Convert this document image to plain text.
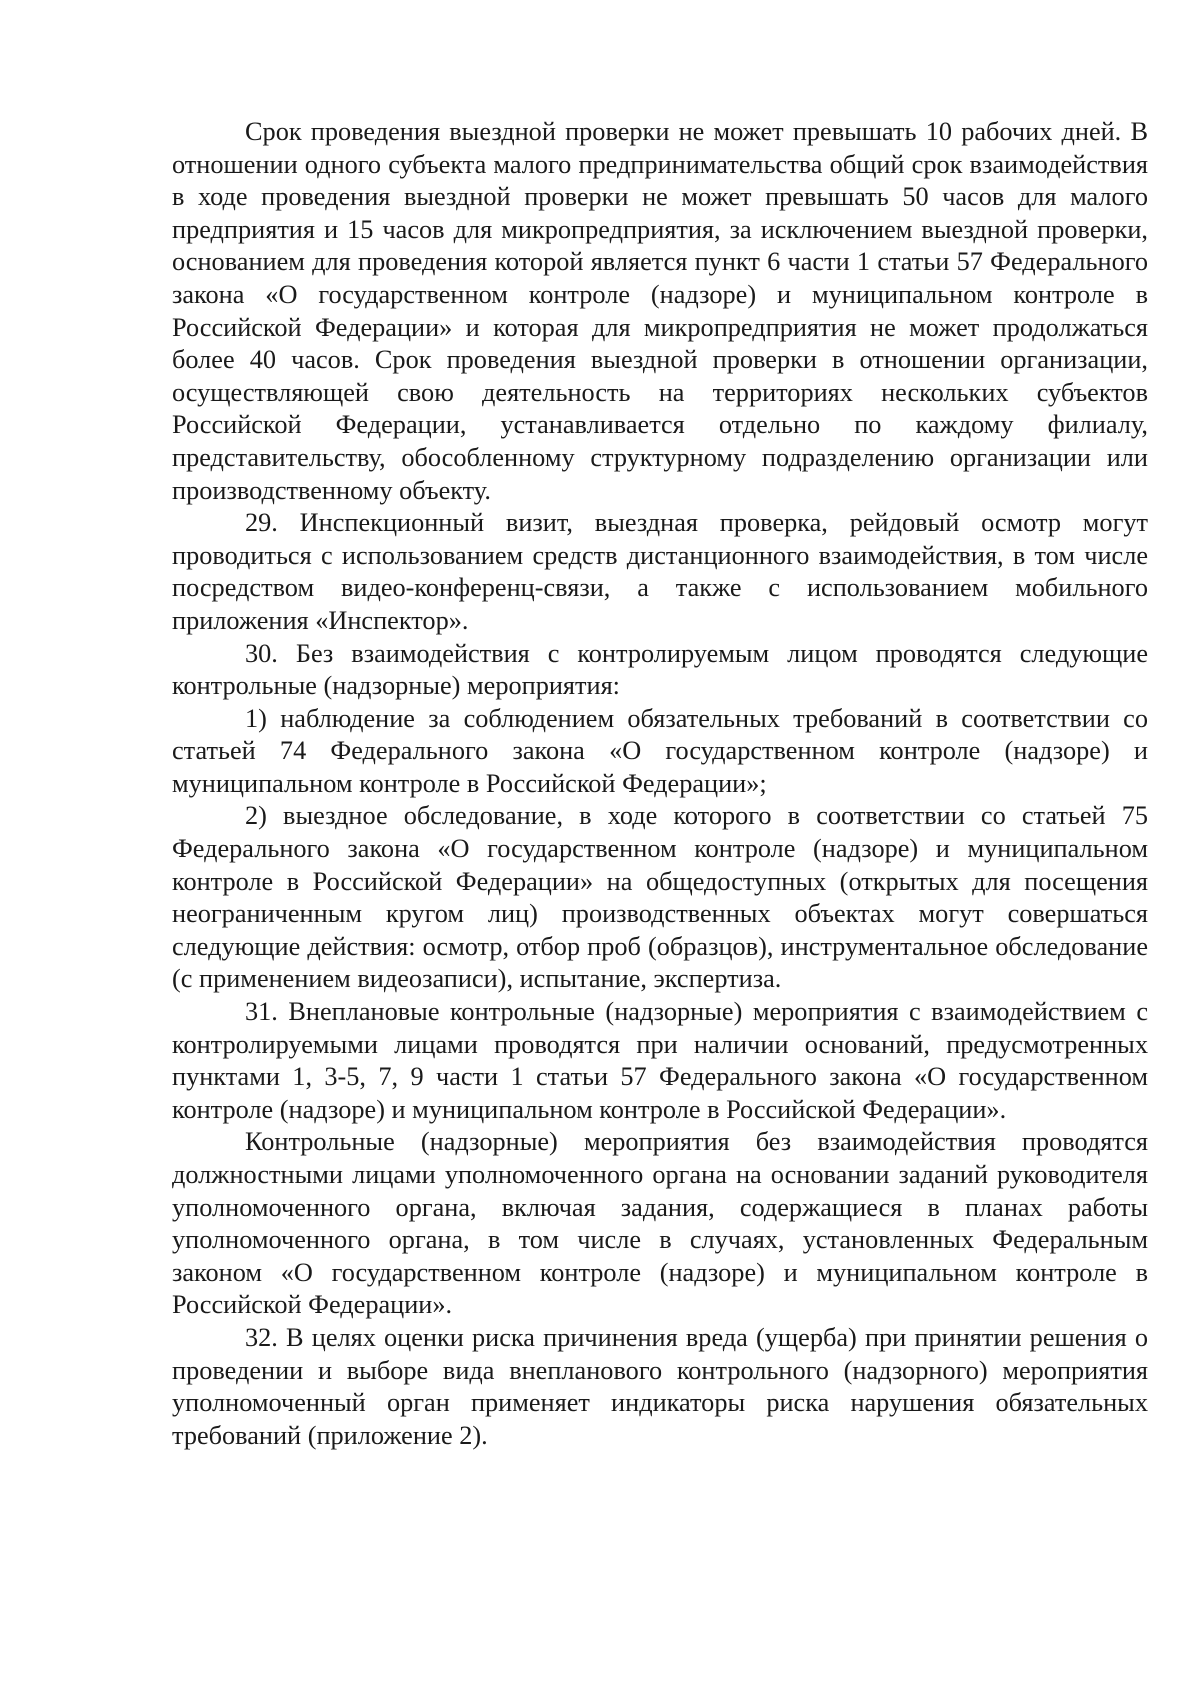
Срок проведения выездной проверки не может превышать 10 рабочих дней. В отношении одного субъекта малого предпринимательства общий срок взаимодействия в ходе проведения выездной проверки не может превышать 50 часов для малого предприятия и 15 часов для микропредприятия, за исключением выездной проверки, основанием для проведения которой является пункт 6 части 1 статьи 57 Федерального закона «О государственном контроле (надзоре) и муниципальном контроле в Российской Федерации» и которая для микропредприятия не может продолжаться более 40 часов. Срок проведения выездной проверки в отношении организации, осуществляющей свою деятельность на территориях нескольких субъектов Российской Федерации, устанавливается отдельно по каждому филиалу, представительству, обособленному структурному подразделению организации или производственному объекту.

29. Инспекционный визит, выездная проверка, рейдовый осмотр могут проводиться с использованием средств дистанционного взаимодействия, в том числе посредством видео-конференц-связи, а также с использованием мобильного приложения «Инспектор».

30. Без взаимодействия с контролируемым лицом проводятся следующие контрольные (надзорные) мероприятия:

1) наблюдение за соблюдением обязательных требований в соответствии со статьей 74 Федерального закона «О государственном контроле (надзоре) и муниципальном контроле в Российской Федерации»;

2) выездное обследование, в ходе которого в соответствии со статьей 75 Федерального закона «О государственном контроле (надзоре) и муниципальном контроле в Российской Федерации» на общедоступных (открытых для посещения неограниченным кругом лиц) производственных объектах могут совершаться следующие действия: осмотр, отбор проб (образцов), инструментальное обследование (с применением видеозаписи), испытание, экспертиза.

31. Внеплановые контрольные (надзорные) мероприятия с взаимодействием с контролируемыми лицами проводятся при наличии оснований, предусмотренных пунктами 1, 3-5, 7, 9 части 1 статьи 57 Федерального закона «О государственном контроле (надзоре) и муниципальном контроле в Российской Федерации».

Контрольные (надзорные) мероприятия без взаимодействия проводятся должностными лицами уполномоченного органа на основании заданий руководителя уполномоченного органа, включая задания, содержащиеся в планах работы уполномоченного органа, в том числе в случаях, установленных Федеральным законом «О государственном контроле (надзоре) и муниципальном контроле в Российской Федерации».

32. В целях оценки риска причинения вреда (ущерба) при принятии решения о проведении и выборе вида внепланового контрольного (надзорного) мероприятия уполномоченный орган применяет индикаторы риска нарушения обязательных требований (приложение 2).
